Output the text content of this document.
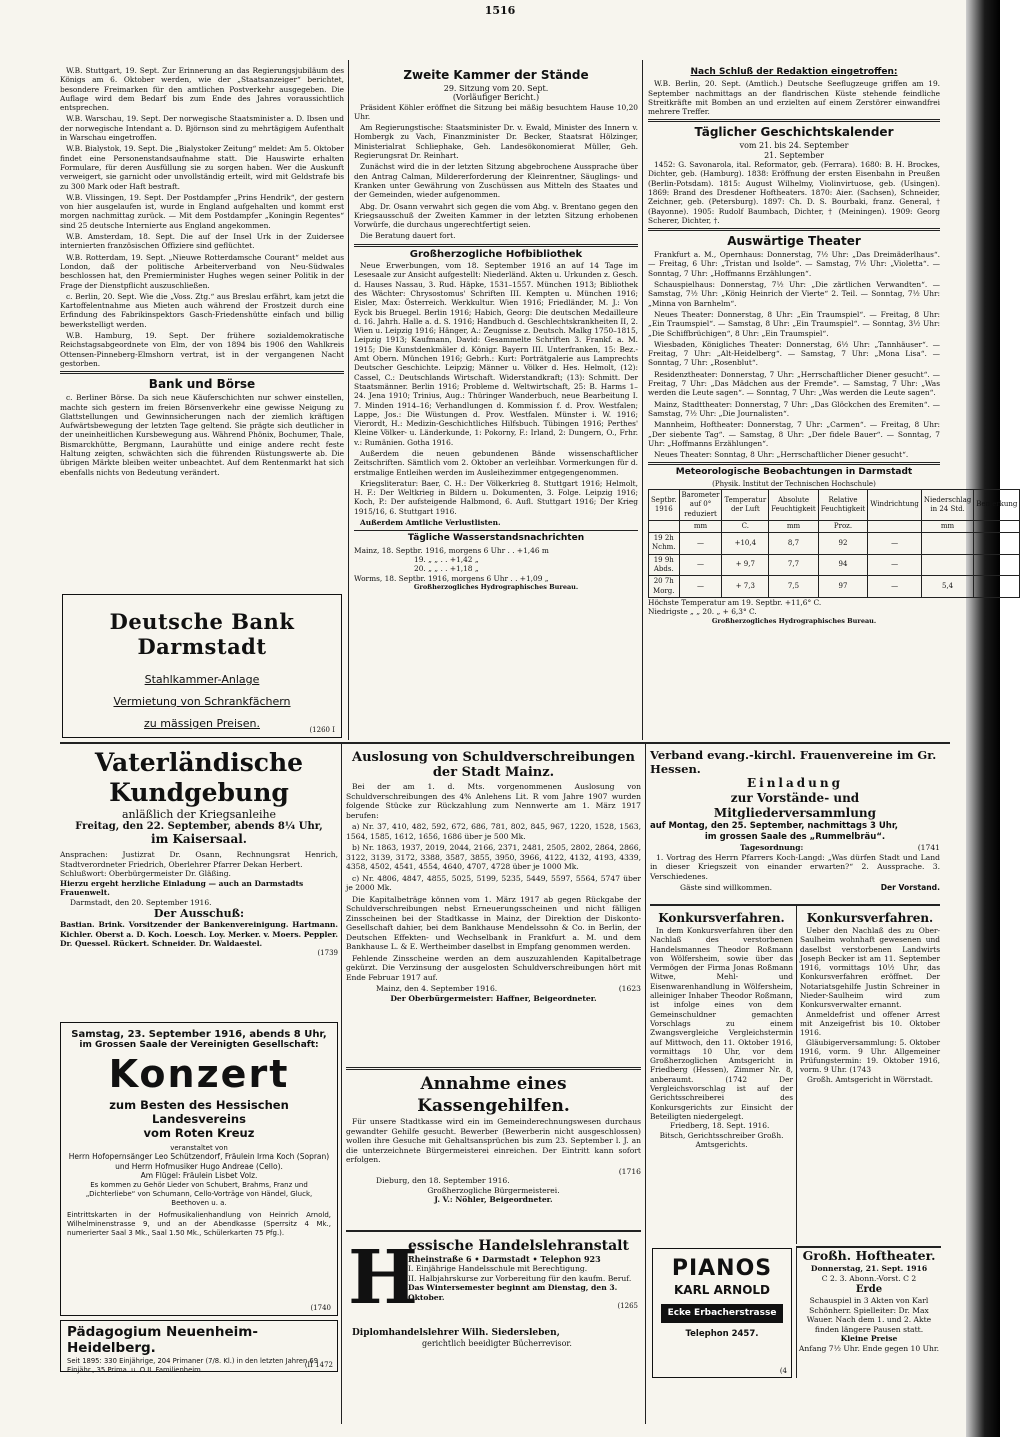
1516

W.B. Stuttgart, 19. Sept. Zur Erinnerung an das Regierungsjubiläum des Königs am 6. Oktober werden, wie der „Staatsanzeiger“ berichtet, besondere Freimarken für den amtlichen Postverkehr ausgegeben. Die Auflage wird dem Bedarf bis zum Ende des Jahres voraussichtlich entsprechen.

W.B. Warschau, 19. Sept. Der norwegische Staatsminister a. D. Ibsen und der norwegische Intendant a. D. Björnson sind zu mehrtägigem Aufenthalt in Warschau eingetroffen.

W.B. Bialystok, 19. Sept. Die „Bialystoker Zeitung“ meldet: Am 5. Oktober findet eine Personenstandsaufnahme statt. Die Hauswirte erhalten Formulare, für deren Ausfüllung sie zu sorgen haben. Wer die Auskunft verweigert, sie garnicht oder unvollständig erteilt, wird mit Geldstrafe bis zu 300 Mark oder Haft bestraft.

W.B. Vlissingen, 19. Sept. Der Postdampfer „Prins Hendrik“, der gestern von hier ausgelaufen ist, wurde in England aufgehalten und kommt erst morgen nachmittag zurück. — Mit dem Postdampfer „Koningin Regentes“ sind 25 deutsche Internierte aus England angekommen.

W.B. Amsterdam, 18. Sept. Die auf der Insel Urk in der Zuidersee internierten französischen Offiziere sind geflüchtet.

W.B. Rotterdam, 19. Sept. „Nieuwe Rotterdamsche Courant“ meldet aus London, daß der politische Arbeiterverband von Neu-Südwales beschlossen hat, den Premierminister Hughes wegen seiner Politik in der Frage der Dienstpflicht auszuschließen.

c. Berlin, 20. Sept. Wie die „Voss. Ztg.“ aus Breslau erfährt, kam jetzt die Kartoffelentnahme aus Mieten auch während der Frostzeit durch eine Erfindung des Fabrikinspektors Gasch-Friedenshütte einfach und billig bewerkstelligt werden.

W.B. Hamburg, 19. Sept. Der frühere sozialdemokratische Reichstagsabgeordnete von Elm, der von 1894 bis 1906 den Wahlkreis Ottensen-Pinneberg-Elmshorn vertrat, ist in der vergangenen Nacht gestorben.

Bank und Börse

c. Berliner Börse. Da sich neue Käuferschichten nur schwer einstellen, machte sich gestern im freien Börsenverkehr eine gewisse Neigung zu Glattstellungen und Gewinnsicherungen nach der ziemlich kräftigen Aufwärtsbewegung der letzten Tage geltend. Sie prägte sich deutlicher in der uneinheitlichen Kursbewegung aus. Während Phönix, Bochumer, Thale, Bismarckhütte, Bergmann, Laurahütte und einige andere recht feste Haltung zeigten, schwächten sich die führenden Rüstungswerte ab. Die übrigen Märkte bleiben weiter unbeachtet. Auf dem Rentenmarkt hat sich ebenfalls nichts von Bedeutung verändert.

Deutsche Bank Darmstadt
Stahlkammer-Anlage
Vermietung von Schrankfächern
zu mässigen Preisen.	(1260 I
Zweite Kammer der Stände
29. Sitzung vom 20. Sept.
(Vorläufiger Bericht.)

Präsident Köhler eröffnet die Sitzung bei mäßig besuchtem Hause 10,20 Uhr.

Am Regierungstische: Staatsminister Dr. v. Ewald, Minister des Innern v. Hombergk zu Vach, Finanzminister Dr. Becker, Staatsrat Hölzinger, Ministerialrat Schliephake, Geh. Landesökonomierat Müller, Geh. Regierungsrat Dr. Reinhart.

Zunächst wird die in der letzten Sitzung abgebrochene Aussprache über den Antrag Calman, Mildererforderung der Kleinrentner, Säuglings- und Kranken unter Gewährung von Zuschüssen aus Mitteln des Staates und der Gemeinden, wieder aufgenommen.

Abg. Dr. Osann verwahrt sich gegen die vom Abg. v. Brentano gegen den Kriegsausschuß der Zweiten Kammer in der letzten Sitzung erhobenen Vorwürfe, die durchaus ungerechtfertigt seien.

Die Beratung dauert fort.

Großherzogliche Hofbibliothek

Neue Erwerbungen, vom 18. September 1916 an auf 14 Tage im Lesesaale zur Ansicht aufgestellt: Niederländ. Akten u. Urkunden z. Gesch. d. Hauses Nassau, 3. Rud. Häpke, 1531–1557. München 1913; Bibliothek des Wächter: Chrysostomus' Schriften III. Kempten u. München 1916; Eisler, Max: Österreich. Werkkultur. Wien 1916; Friedländer, M. J.: Von Eyck bis Bruegel. Berlin 1916; Habich, Georg: Die deutschen Medailleure d. 16. Jahrh. Halle a. d. S. 1916; Handbuch d. Geschlechtskrankheiten II, 2. Wien u. Leipzig 1916; Hänger, A.: Zeugnisse z. Deutsch. Malkg 1750–1815, Leipzig 1913; Kaufmann, David: Gesammelte Schriften 3. Frankf. a. M. 1915; Die Kunstdenkmäler d. Königr. Bayern III. Unterfranken, 15: Bez.-Amt Obern. München 1916; Gebrh.: Kurt: Porträtgalerie aus Lamprechts Deutscher Geschichte. Leipzig; Männer u. Völker d. Hes. Helmolt, (12): Cassel, C.: Deutschlands Wirtschaft. Widerstandkraft; (13): Schmitt. Der Staatsmänner. Berlin 1916; Probleme d. Weltwirtschaft, 25: B. Harms 1–24. Jena 1910; Trinius, Aug.: Thüringer Wanderbuch, neue Bearbeitung I. 7. Minden 1914–16; Verhandlungen d. Kommission f. d. Prov. Westfalen; Lappe, Jos.: Die Wüstungen d. Prov. Westfalen. Münster i. W. 1916; Vierordt, H.: Medizin-Geschichtliches Hilfsbuch. Tübingen 1916; Perthes' Kleine Völker- u. Länderkunde, 1: Pokorny, F.: Irland, 2: Dungern, O., Frhr. v.: Rumänien. Gotha 1916.

Außerdem die neuen gebundenen Bände wissenschaftlicher Zeitschriften. Sämtlich vom 2. Oktober an verleihbar. Vormerkungen für d. erstmalige Entleihen werden im Ausleihezimmer entgegengenommen.

Kriegsliteratur: Baer, C. H.: Der Völkerkrieg 8. Stuttgart 1916; Helmolt, H. F.: Der Weltkrieg in Bildern u. Dokumenten, 3. Folge. Leipzig 1916; Koch, P.: Der aufsteigende Halbmond, 6. Aufl. Stuttgart 1916; Der Krieg 1915/16, 6. Stuttgart 1916.

Außerdem Amtliche Verlustlisten.

Tägliche Wasserstandsnachrichten
Mainz, 18. Septbr. 1916, morgens 6 Uhr . . +1,46 m
19. „ „ . . +1,42 „
20. „ „ . . +1,18 „
Worms, 18. Septbr. 1916, morgens 6 Uhr . . +1,09 „
Großherzogliches Hydrographisches Bureau.
Nach Schluß der Redaktion eingetroffen:

W.B. Berlin, 20. Sept. (Amtlich.) Deutsche Seeflugzeuge griffen am 19. September nachmittags an der flandrischen Küste stehende feindliche Streitkräfte mit Bomben an und erzielten auf einem Zerstörer einwandfrei mehrere Treffer.

Täglicher Geschichtskalender
vom 21. bis 24. September
21. September

1452: G. Savonarola, ital. Reformator, geb. (Ferrara). 1680: B. H. Brockes, Dichter, geb. (Hamburg). 1838: Eröffnung der ersten Eisenbahn in Preußen (Berlin-Potsdam). 1815: August Wilhelmy, Violinvirtuose, geb. (Usingen). 1869: Brand des Dresdener Hoftheaters. 1870: Aier. (Sachsen), Schneider, Zeichner, geb. (Petersburg). 1897: Ch. D. S. Bourbaki, franz. General, † (Bayonne). 1905: Rudolf Baumbach, Dichter, † (Meiningen). 1909: Georg Scherer, Dichter, †.

Auswärtige Theater

Frankfurt a. M., Opernhaus: Donnerstag, 7½ Uhr: „Das Dreimäderlhaus“. — Freitag, 6 Uhr: „Tristan und Isolde“. — Samstag, 7½ Uhr: „Violetta“. — Sonntag, 7 Uhr: „Hoffmanns Erzählungen“.

Schauspielhaus: Donnerstag, 7½ Uhr: „Die zärtlichen Verwandten“. — Samstag, 7½ Uhr: „König Heinrich der Vierte“ 2. Teil. — Sonntag, 7½ Uhr: „Minna von Barnhelm“.

Neues Theater: Donnerstag, 8 Uhr: „Ein Traumspiel“. — Freitag, 8 Uhr: „Ein Traumspiel“. — Samstag, 8 Uhr: „Ein Traumspiel“. — Sonntag, 3½ Uhr: „Die Schiffbrüchigen“, 8 Uhr: „Ein Traumspiel“.

Wiesbaden, Königliches Theater: Donnerstag, 6½ Uhr: „Tannhäuser“. — Freitag, 7 Uhr: „Alt-Heidelberg“. — Samstag, 7 Uhr: „Mona Lisa“. — Sonntag, 7 Uhr: „Rosenblut“.

Residenztheater: Donnerstag, 7 Uhr: „Herrschaftlicher Diener gesucht“. — Freitag, 7 Uhr: „Das Mädchen aus der Fremde“. — Samstag, 7 Uhr: „Was werden die Leute sagen“. — Sonntag, 7 Uhr: „Was werden die Leute sagen“.

Mainz, Stadttheater: Donnerstag, 7 Uhr: „Das Glöckchen des Eremiten“. — Samstag, 7½ Uhr: „Die Journalisten“.

Mannheim, Hoftheater: Donnerstag, 7 Uhr: „Carmen“. — Freitag, 8 Uhr: „Der siebente Tag“. — Samstag, 8 Uhr: „Der fidele Bauer“. — Sonntag, 7 Uhr: „Hoffmanns Erzählungen“.

Neues Theater: Sonntag, 8 Uhr: „Herrschaftlicher Diener gesucht“.

Meteorologische Beobachtungen in Darmstadt
(Physik. Institut der Technischen Hochschule)
Septbr. 1916	Barometer auf 0° reduziert	Temperatur der Luft	Absolute Feuchtigkeit	Relative Feuchtigkeit	Windrichtung	Niederschlag in 24 Std.	Bemerkung
	mm	C.	mm	Proz.		mm	
19 2h Nchm.	—	+10,4	8,7	92	—		
19 9h Abds.	—	+ 9,7	7,7	94	—		
20 7h Morg.	—	+ 7,3	7,5	97	—	5,4	
Höchste Temperatur am 19. Septbr. +11,6° C.
Niedrigste „ „ 20. „ + 6,3° C.
Großherzogliches Hydrographisches Bureau.
Vaterländische Kundgebung
anläßlich der Kriegsanleihe
Freitag, den 22. September, abends 8¼ Uhr,
im Kaisersaal.
Ansprachen: Justizrat Dr. Osann, Rechnungsrat Henrich, Stadtverordneter Friedrich, Oberlehrer Pfarrer Dekan Herbert.
Schlußwort: Oberbürgermeister Dr. Gläßing.
Hierzu ergeht herzliche Einladung — auch an Darmstadts Frauenwelt.
Darmstadt, den 20. September 1916.
Der Ausschuß:
Bastian. Brink. Vorsitzender der Bankenvereinigung. Hartmann. Kichler. Oberst a. D. Koch. Loesch. Loy. Merker. v. Moers. Peppler. Dr. Quessel. Rückert. Schneider. Dr. Waldaestel.
(1739
Samstag, 23. September 1916, abends 8 Uhr,
im Grossen Saale der Vereinigten Gesellschaft:
Konzert
zum Besten des Hessischen Landesvereins
vom Roten Kreuz
veranstaltet von
Herrn Hofopernsänger Leo Schützendorf, Fräulein Irma Koch (Sopran) und Herrn Hofmusiker Hugo Andreae (Cello).
Am Flügel: Fräulein Lisbet Volz.
Es kommen zu Gehör Lieder von Schubert, Brahms, Franz und „Dichterliebe“ von Schumann, Cello-Vorträge von Händel, Gluck, Beethoven u. a.
Eintrittskarten in der Hofmusikalienhandlung von Heinrich Arnold, Wilhelminenstrasse 9, und an der Abendkasse (Sperrsitz 4 Mk., numerierter Saal 3 Mk., Saal 1.50 Mk., Schülerkarten 75 Pfg.).
(1740
Pädagogium Neuenheim-Heidelberg.
Seit 1895: 330 Einjährige, 204 Primaner (7/8. Kl.) in den letzten Jahren 69 Einjähr., 35 Prima. u. O II. Familienheim.
(II 1472
Auslosung von Schuldverschreibungen der Stadt Mainz.

Bei der am 1. d. Mts. vorgenommenen Auslosung von Schuldverschreibungen des 4% Anlehens Lit. R vom Jahre 1907 wurden folgende Stücke zur Rückzahlung zum Nennwerte am 1. März 1917 berufen:

a) Nr. 37, 410, 482, 592, 672, 686, 781, 802, 845, 967, 1220, 1528, 1563, 1564, 1585, 1612, 1656, 1686 über je 500 Mk.

b) Nr. 1863, 1937, 2019, 2044, 2166, 2371, 2481, 2505, 2802, 2864, 2866, 3122, 3139, 3172, 3388, 3587, 3855, 3950, 3966, 4122, 4132, 4193, 4339, 4358, 4502, 4541, 4554, 4640, 4707, 4728 über je 1000 Mk.

c) Nr. 4806, 4847, 4855, 5025, 5199, 5235, 5449, 5597, 5564, 5747 über je 2000 Mk.

Die Kapitalbeträge können vom 1. März 1917 ab gegen Rückgabe der Schuldverschreibungen nebst Erneuerungsscheinen und nicht fälligen Zinsscheinen bei der Stadtkasse in Mainz, der Direktion der Diskonto-Gesellschaft dahier, bei dem Bankhause Mendelssohn & Co. in Berlin, der Deutschen Effekten- und Wechselbank in Frankfurt a. M. und dem Bankhause L. & E. Wertheimber daselbst in Empfang genommen werden.

Fehlende Zinsscheine werden an dem auszuzahlenden Kapitalbetrage gekürzt. Die Verzinsung der ausgelosten Schuldverschreibungen hört mit Ende Februar 1917 auf.

Mainz, den 4. September 1916.	(1623
Der Oberbürgermeister: Haffner, Beigeordneter.
Annahme eines Kassengehilfen.

Für unsere Stadtkasse wird ein im Gemeinderechnungswesen durchaus gewandter Gehilfe gesucht. Bewerber (Bewerberin nicht ausgeschlossen) wollen ihre Gesuche mit Gehaltsansprüchen bis zum 23. September l. J. an die unterzeichnete Bürgermeisterei einreichen. Der Eintritt kann sofort erfolgen.

(1716
Dieburg, den 18. September 1916.
Großherzogliche Bürgermeisterei.
J. V.: Nöhler, Beigeordneter.
H
essische Handelslehranstalt
Rheinstraße 6 • Darmstadt • Telephon 923
I. Einjährige Handelsschule mit Berechtigung.
II. Halbjahrskurse zur Vorbereitung für den kaufm. Beruf.
Das Wintersemester beginnt am Dienstag, den 3. Oktober.
(1265
Diplomhandelslehrer Wilh. Siedersleben,
gerichtlich beeidigter Bücherrevisor.
Verband evang.-kirchl. Frauenvereine im Gr. Hessen.
Einladung
zur Vorstände- und Mitgliederversammlung
auf Montag, den 25. September, nachmittags 3 Uhr,
im grossen Saale des „Rummelbräu“.
Tagesordnung:	(1741

1. Vortrag des Herrn Pfarrers Koch-Langd: „Was dürfen Stadt und Land in dieser Kriegszeit von einander erwarten?“ 2. Aussprache. 3. Verschiedenes.

Gäste sind willkommen.	Der Vorstand.
Konkursverfahren.

In dem Konkursverfahren über den Nachlaß des verstorbenen Handelsmannes Theodor Roßmann von Wölfersheim, sowie über das Vermögen der Firma Jonas Roßmann Witwe, Mehl- und Eisenwarenhandlung in Wölfersheim, alleiniger Inhaber Theodor Roßmann, ist infolge eines von dem Gemeinschuldner gemachten Vorschlags zu einem Zwangsvergleiche Vergleichstermin auf Mittwoch, den 11. Oktober 1916, vormittags 10 Uhr, vor dem Großherzoglichen Amtsgericht in Friedberg (Hessen), Zimmer Nr. 8, anberaumt. (1742 Der Vergleichsvorschlag ist auf der Gerichtsschreiberei des Konkursgerichts zur Einsicht der Beteiligten niedergelegt.

Friedberg, 18. Sept. 1916.
Bitsch, Gerichtsschreiber Großh. Amtsgerichts.
Konkursverfahren.

Ueber den Nachlaß des zu Ober-Saulheim wohnhaft gewesenen und daselbst verstorbenen Landwirts Joseph Becker ist am 11. September 1916, vormittags 10½ Uhr, das Konkursverfahren eröffnet. Der Notariatsgehilfe Justin Schreiner in Nieder-Saulheim wird zum Konkursverwalter ernannt.

Anmeldefrist und offener Arrest mit Anzeigefrist bis 10. Oktober 1916.

Gläubigerversammlung: 5. Oktober 1916, vorm. 9 Uhr. Allgemeiner Prüfungstermin: 19. Oktober 1916, vorm. 9 Uhr. (1743

Großh. Amtsgericht in Wörrstadt.
Großh. Hoftheater.
Donnerstag, 21. Sept. 1916
C 2. 3. Abonn.-Vorst. C 2
Erde
Schauspiel in 3 Akten von Karl Schönherr. Spielleiter: Dr. Max Wauer. Nach dem 1. und 2. Akte finden längere Pausen statt.
Kleine Preise
Anfang 7½ Uhr. Ende gegen 10 Uhr.
PIANOS
KARL ARNOLD
Ecke Erbacherstrasse
Telephon 2457.
(4
